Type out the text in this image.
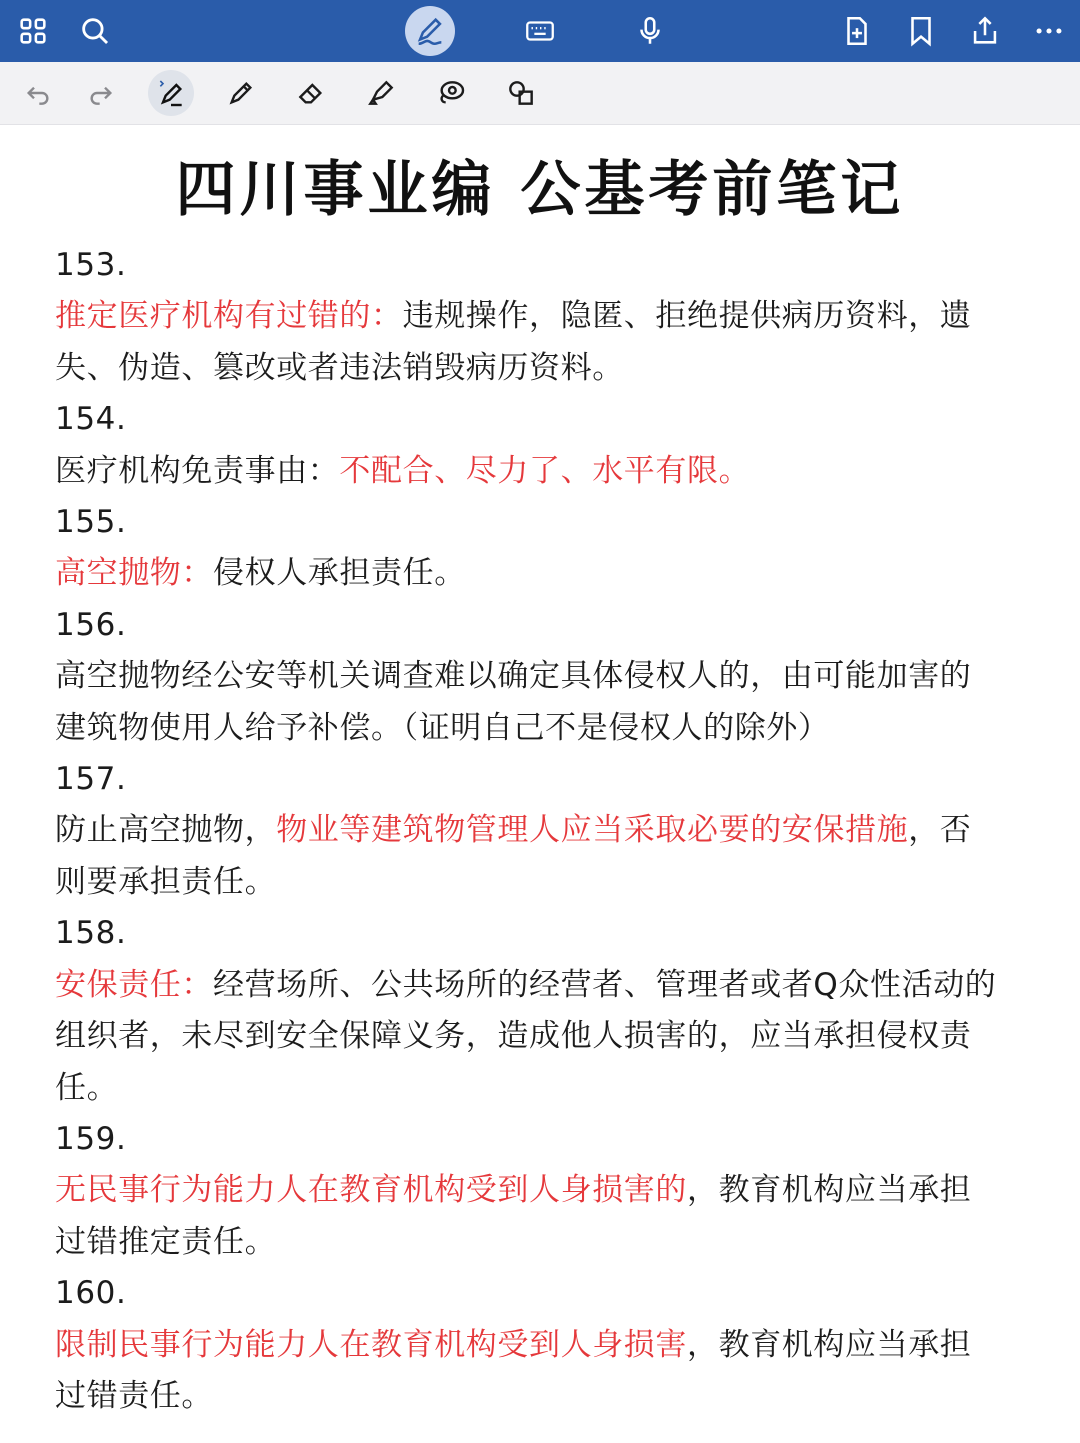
四川事业编 公基考前笔记
153.
推定医疗机构有过错的：违规操作，隐匿、拒绝提供病历资料，遗
失、伪造、篡改或者违法销毁病历资料。
154.
医疗机构免责事由：不配合、尽力了、水平有限。
155.
高空抛物：侵权人承担责任。
156.
高空抛物经公安等机关调查难以确定具体侵权人的，由可能加害的
建筑物使用人给予补偿。（证明自己不是侵权人的除外）
157.
防止高空抛物，物业等建筑物管理人应当采取必要的安保措施，否
则要承担责任。
158.
安保责任：经营场所、公共场所的经营者、管理者或者Q众性活动的
组织者，未尽到安全保障义务，造成他人损害的，应当承担侵权责
任。
159.
无民事行为能力人在教育机构受到人身损害的，教育机构应当承担
过错推定责任。
160.
限制民事行为能力人在教育机构受到人身损害，教育机构应当承担
过错责任。
